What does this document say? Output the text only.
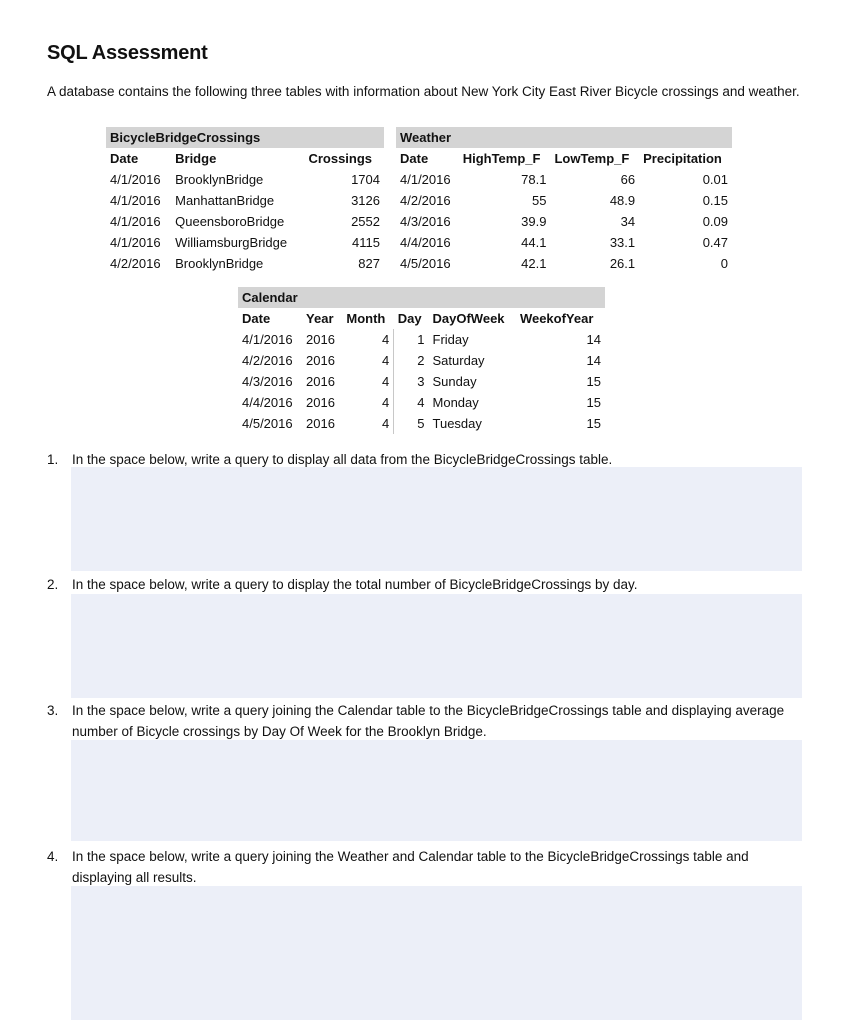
SQL Assessment
A database contains the following three tables with information about New York City East River Bicycle crossings and weather.
BicycleBridgeCrossings		
Date	Bridge	Crossings
4/1/2016	BrooklynBridge	1704
4/1/2016	ManhattanBridge	3126
4/1/2016	QueensboroBridge	2552
4/1/2016	WilliamsburgBridge	4115
4/2/2016	BrooklynBridge	827
Weather			
Date	HighTemp_F	LowTemp_F	Precipitation
4/1/2016	78.1	66	0.01
4/2/2016	55	48.9	0.15
4/3/2016	39.9	34	0.09
4/4/2016	44.1	33.1	0.47
4/5/2016	42.1	26.1	0
Calendar					
Date	Year	Month	Day	DayOfWeek	WeekofYear
4/1/2016	2016	4	1	Friday	14
4/2/2016	2016	4	2	Saturday	14
4/3/2016	2016	4	3	Sunday	15
4/4/2016	2016	4	4	Monday	15
4/5/2016	2016	4	5	Tuesday	15
1. In the space below, write a query to display all data from the BicycleBridgeCrossings table.
2. In the space below, write a query to display the total number of BicycleBridgeCrossings by day.
3. In the space below, write a query joining the Calendar table to the BicycleBridgeCrossings table and displaying average number of Bicycle crossings by Day Of Week for the Brooklyn Bridge.
4. In the space below, write a query joining the Weather and Calendar table to the BicycleBridgeCrossings table and displaying all results.
